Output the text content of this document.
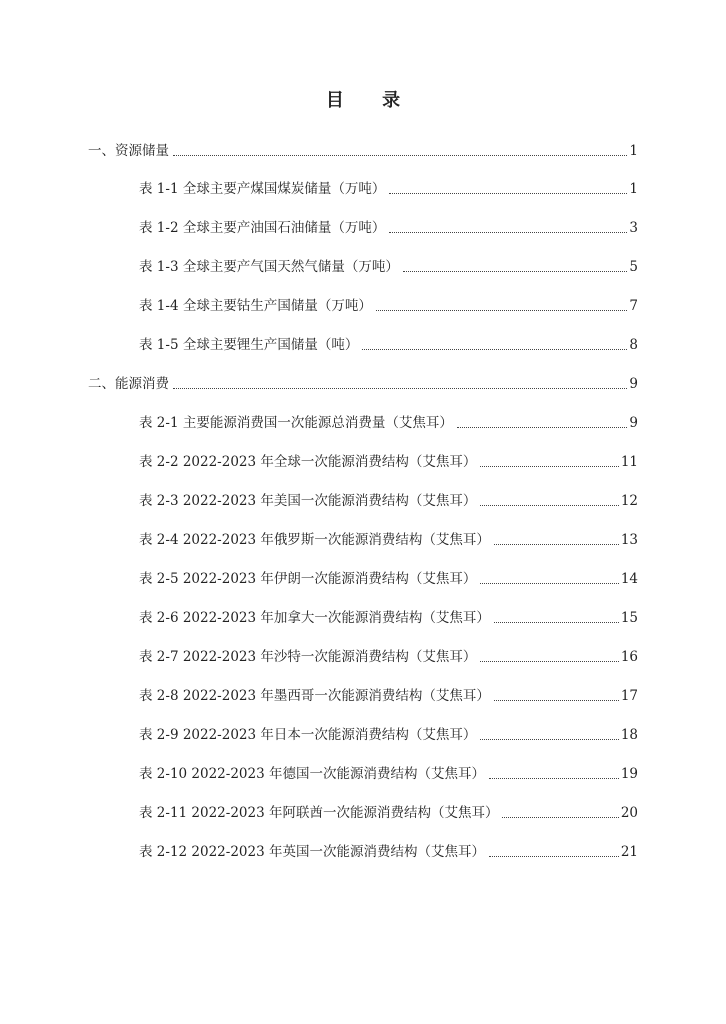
目 录
一、资源储量	1
表 1-1 全球主要产煤国煤炭储量（万吨）	1
表 1-2 全球主要产油国石油储量（万吨）	3
表 1-3 全球主要产气国天然气储量（万吨）	5
表 1-4 全球主要钴生产国储量（万吨）	7
表 1-5 全球主要锂生产国储量（吨）	8
二、能源消费	9
表 2-1 主要能源消费国一次能源总消费量（艾焦耳）	9
表 2-2 2022-2023 年全球一次能源消费结构（艾焦耳）	11
表 2-3 2022-2023 年美国一次能源消费结构（艾焦耳）	12
表 2-4 2022-2023 年俄罗斯一次能源消费结构（艾焦耳）	13
表 2-5 2022-2023 年伊朗一次能源消费结构（艾焦耳）	14
表 2-6 2022-2023 年加拿大一次能源消费结构（艾焦耳）	15
表 2-7 2022-2023 年沙特一次能源消费结构（艾焦耳）	16
表 2-8 2022-2023 年墨西哥一次能源消费结构（艾焦耳）	17
表 2-9 2022-2023 年日本一次能源消费结构（艾焦耳）	18
表 2-10 2022-2023 年德国一次能源消费结构（艾焦耳）	19
表 2-11 2022-2023 年阿联酋一次能源消费结构（艾焦耳）	20
表 2-12 2022-2023 年英国一次能源消费结构（艾焦耳）	21
